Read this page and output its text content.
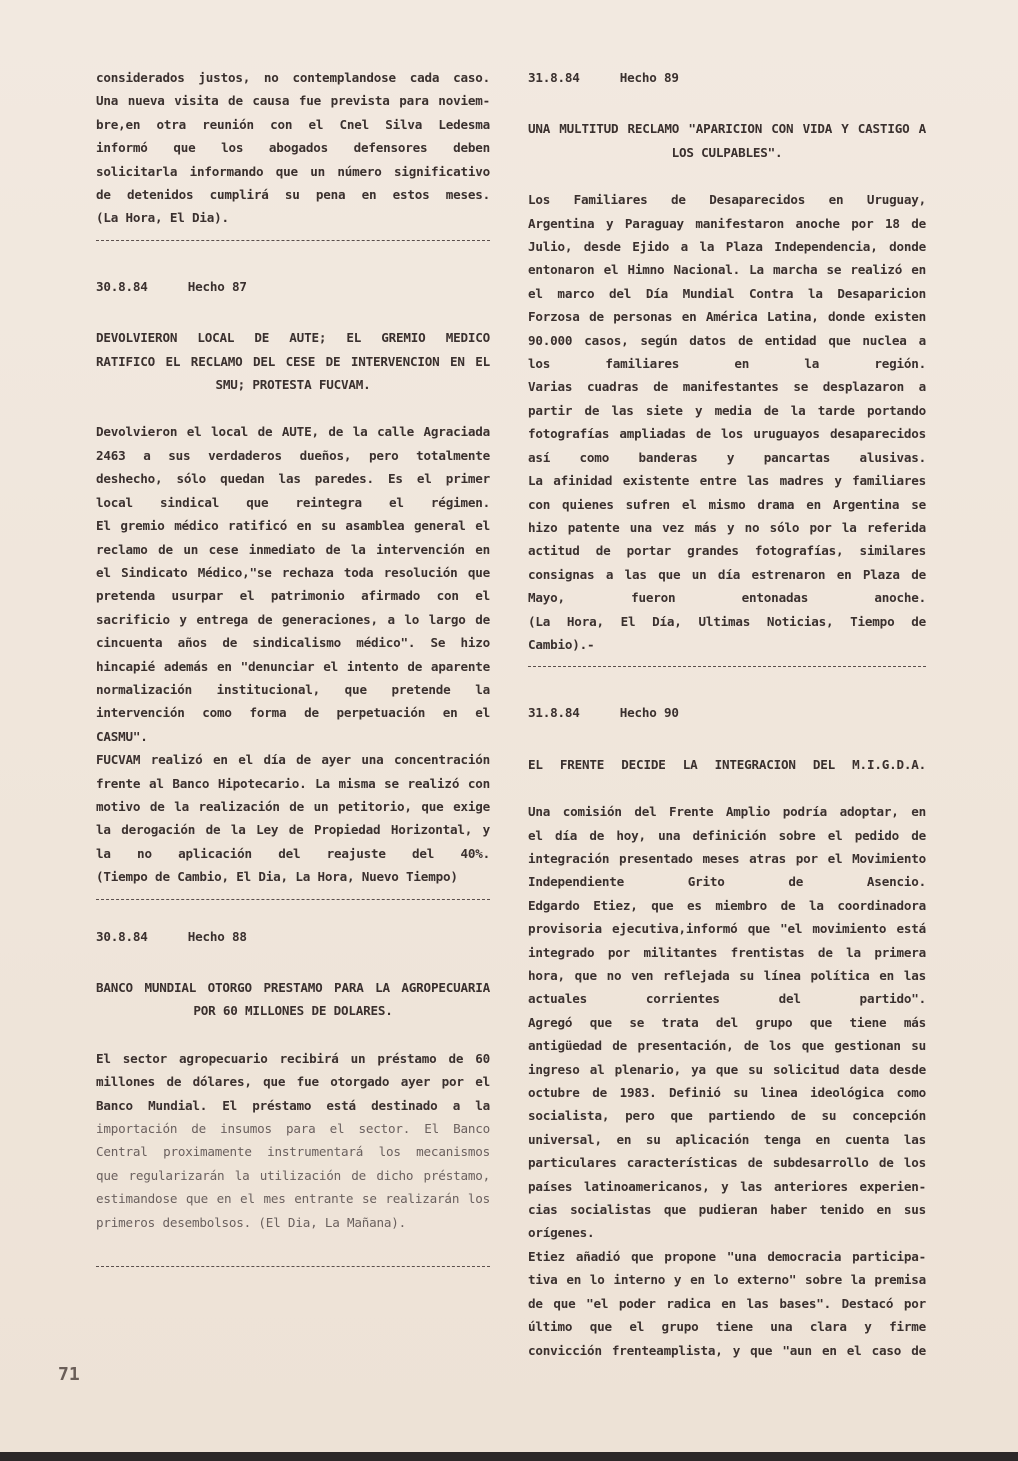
considerados justos, no contemplandose cada caso.
Una nueva visita de causa fue prevista para noviem-
bre,en otra reunión con el Cnel Silva Ledesma
informó que los abogados defensores deben
solicitarla informando que un número significativo
de detenidos cumplirá su pena en estos meses.
(La Hora, El Dia).
30.8.84	Hecho 87
DEVOLVIERON LOCAL DE AUTE; EL GREMIO MEDICO
RATIFICO EL RECLAMO DEL CESE DE INTERVENCION EN EL
SMU; PROTESTA FUCVAM.
Devolvieron el local de AUTE, de la calle Agraciada
2463 a sus verdaderos dueños, pero totalmente
deshecho, sólo quedan las paredes. Es el primer
local sindical que reintegra el régimen.
El gremio médico ratificó en su asamblea general el
reclamo de un cese inmediato de la intervención en
el Sindicato Médico,"se rechaza toda resolución que
pretenda usurpar el patrimonio afirmado con el
sacrificio y entrega de generaciones, a lo largo de
cincuenta años de sindicalismo médico". Se hizo
hincapié además en "denunciar el intento de aparente
normalización institucional, que pretende la
intervención como forma de perpetuación en el
CASMU".
FUCVAM realizó en el día de ayer una concentración
frente al Banco Hipotecario. La misma se realizó con
motivo de la realización de un petitorio, que exige
la derogación de la Ley de Propiedad Horizontal, y
la no aplicación del reajuste del 40%.
(Tiempo de Cambio, El Dia, La Hora, Nuevo Tiempo)
30.8.84	Hecho 88
BANCO MUNDIAL OTORGO PRESTAMO PARA LA AGROPECUARIA
POR 60 MILLONES DE DOLARES.
El sector agropecuario recibirá un préstamo de 60
millones de dólares, que fue otorgado ayer por el
Banco Mundial. El préstamo está destinado a la
importación de insumos para el sector. El Banco
Central proximamente instrumentará los mecanismos
que regularizarán la utilización de dicho préstamo,
estimandose que en el mes entrante se realizarán los
primeros desembolsos. (El Dia, La Mañana).
31.8.84	Hecho 89
UNA MULTITUD RECLAMO "APARICION CON VIDA Y CASTIGO A
LOS CULPABLES".
Los Familiares de Desaparecidos en Uruguay,
Argentina y Paraguay manifestaron anoche por 18 de
Julio, desde Ejido a la Plaza Independencia, donde
entonaron el Himno Nacional. La marcha se realizó en
el marco del Día Mundial Contra la Desaparicion
Forzosa de personas en América Latina, donde existen
90.000 casos, según datos de entidad que nuclea a
los familiares en la región.
Varias cuadras de manifestantes se desplazaron a
partir de las siete y media de la tarde portando
fotografías ampliadas de los uruguayos desaparecidos
así como banderas y pancartas alusivas.
La afinidad existente entre las madres y familiares
con quienes sufren el mismo drama en Argentina se
hizo patente una vez más y no sólo por la referida
actitud de portar grandes fotografías, similares
consignas a las que un día estrenaron en Plaza de
Mayo, fueron entonadas anoche.
(La Hora, El Día, Ultimas Noticias, Tiempo de
Cambio).-
31.8.84	Hecho 90
EL FRENTE DECIDE LA INTEGRACION DEL M.I.G.D.A.
Una comisión del Frente Amplio podría adoptar, en
el día de hoy, una definición sobre el pedido de
integración presentado meses atras por el Movimiento
Independiente Grito de Asencio.
Edgardo Etiez, que es miembro de la coordinadora
provisoria ejecutiva,informó que "el movimiento está
integrado por militantes frentistas de la primera
hora, que no ven reflejada su línea política en las
actuales corrientes del partido".
Agregó que se trata del grupo que tiene más
antigüedad de presentación, de los que gestionan su
ingreso al plenario, ya que su solicitud data desde
octubre de 1983. Definió su linea ideológica como
socialista, pero que partiendo de su concepción
universal, en su aplicación tenga en cuenta las
particulares características de subdesarrollo de los
países latinoamericanos, y las anteriores experien-
cias socialistas que pudieran haber tenido en sus
orígenes.
Etiez añadió que propone "una democracia participa-
tiva en lo interno y en lo externo" sobre la premisa
de que "el poder radica en las bases". Destacó por
último que el grupo tiene una clara y firme
convicción frenteamplista, y que "aun en el caso de
71
